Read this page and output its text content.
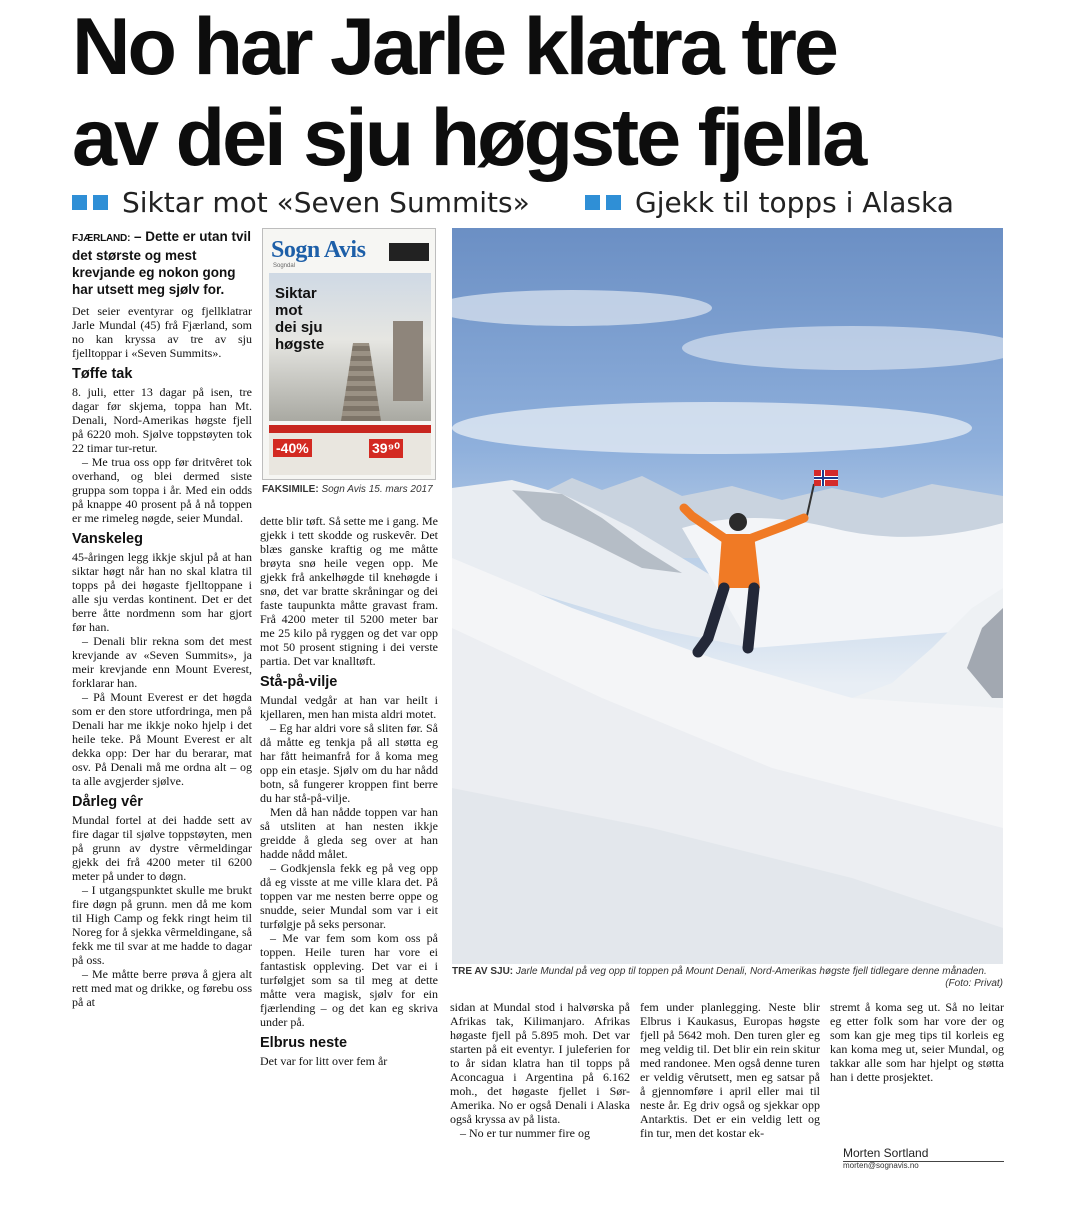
No har Jarle klatra tre
av dei sju høgste fjella
Siktar mot «Seven Summits»	Gjekk til topps i Alaska
FJÆRLAND: – Dette er utan tvil det største og mest krevjande eg nokon gong har utsett meg sjølv for.

Det seier eventyrar og fjellklatrar Jarle Mundal (45) frå Fjærland, som no kan kryssa av tre av sju fjelltoppar i «Seven Summits».

Tøffe tak

8. juli, etter 13 dagar på isen, tre dagar før skjema, toppa han Mt. Denali, Nord-Amerikas høgste fjell på 6220 moh. Sjølve toppstøyten tok 22 timar tur-retur.

– Me trua oss opp før dritvêret tok overhand, og blei dermed siste gruppa som toppa i år. Med ein odds på knappe 40 prosent på å nå toppen er me rimeleg nøgde, seier Mundal.

Vanskeleg

45-åringen legg ikkje skjul på at han siktar høgt når han no skal klatra til topps på dei høgaste fjelltoppane i alle sju verdas kontinent. Det er det berre åtte nordmenn som har gjort før han.

– Denali blir rekna som det mest krevjande av «Seven Summits», ja meir krevjande enn Mount Everest, forklarar han.

– På Mount Everest er det høgda som er den store utfordringa, men på Denali har me ikkje noko hjelp i det heile teke. På Mount Everest er alt dekka opp: Der har du berarar, mat osv. På Denali må me ordna alt – og ta alle avgjerder sjølve.

Dårleg vêr

Mundal fortel at dei hadde sett av fire dagar til sjølve toppstøyten, men på grunn av dystre vêrmeldingar gjekk dei frå 4200 meter til 6200 meter på under to døgn.

– I utgangspunktet skulle me brukt fire døgn på grunn. men då me kom til High Camp og fekk ringt heim til Noreg for å sjekka vêrmeldingane, så fekk me til svar at me hadde to dagar på oss.

– Me måtte berre prøva å gjera alt rett med mat og drikke, og førebu oss på at

Sogn Avis
Sogndal
Siktar
mot
dei sju
høgste
-40%	39⁹⁰
FAKSIMILE: Sogn Avis 15. mars 2017

dette blir tøft. Så sette me i gang. Me gjekk i tett skodde og ruskevêr. Det blæs ganske kraftig og me måtte brøyta snø heile vegen opp. Me gjekk frå ankelhøgde til knehøgde i snø, det var bratte skråningar og dei faste taupunkta måtte gravast fram. Frå 4200 meter til 5200 meter bar me 25 kilo på ryggen og det var opp mot 50 prosent stigning i dei verste partia. Det var knalltøft.

Stå-på-vilje

Mundal vedgår at han var heilt i kjellaren, men han mista aldri motet.

– Eg har aldri vore så sliten før. Så då måtte eg tenkja på all støtta eg har fått heimanfrå for å koma meg opp ein etasje. Sjølv om du har nådd botn, så fungerer kroppen fint berre du har stå-på-vilje.

Men då han nådde toppen var han så utsliten at han nesten ikkje greidde å gleda seg over at han hadde nådd målet.

– Godkjensla fekk eg på veg opp då eg visste at me ville klara det. På toppen var me nesten berre oppe og snudde, seier Mundal som var i eit turfølgje på seks personar.

– Me var fem som kom oss på toppen. Heile turen har vore ei fantastisk oppleving. Det var ei i turfølgjet som sa til meg at dette måtte vera magisk, sjølv for ein fjærlending – og det kan eg skriva under på.

Elbrus neste

Det var for litt over fem år

TRE AV SJU: Jarle Mundal på veg opp til toppen på Mount Denali, Nord-Amerikas høgste fjell tidlegare denne månaden.
(Foto: Privat)

sidan at Mundal stod i halvørska på Afrikas tak, Kilimanjaro. Afrikas høgaste fjell på 5.895 moh. Det var starten på eit eventyr. I juleferien for to år sidan klatra han til topps på Aconcagua i Argentina på 6.162 moh., det høgaste fjellet i Sør-Amerika. No er også Denali i Alaska også kryssa av på lista.

– No er tur nummer fire og

fem under planlegging. Neste blir Elbrus i Kaukasus, Europas høgste fjell på 5642 moh. Den turen gler eg meg veldig til. Det blir ein rein skitur med randonee. Men også denne turen er veldig vêrutsett, men eg satsar på å gjennomføre i april eller mai til neste år. Eg driv også og sjekkar opp Antarktis. Det er ein veldig lett og fin tur, men det kostar ek-

stremt å koma seg ut. Så no leitar eg etter folk som har vore der og som kan gje meg tips til korleis eg kan koma meg ut, seier Mundal, og takkar alle som har hjelpt og støtta han i dette prosjektet.

Morten Sortland
morten@sognavis.no
